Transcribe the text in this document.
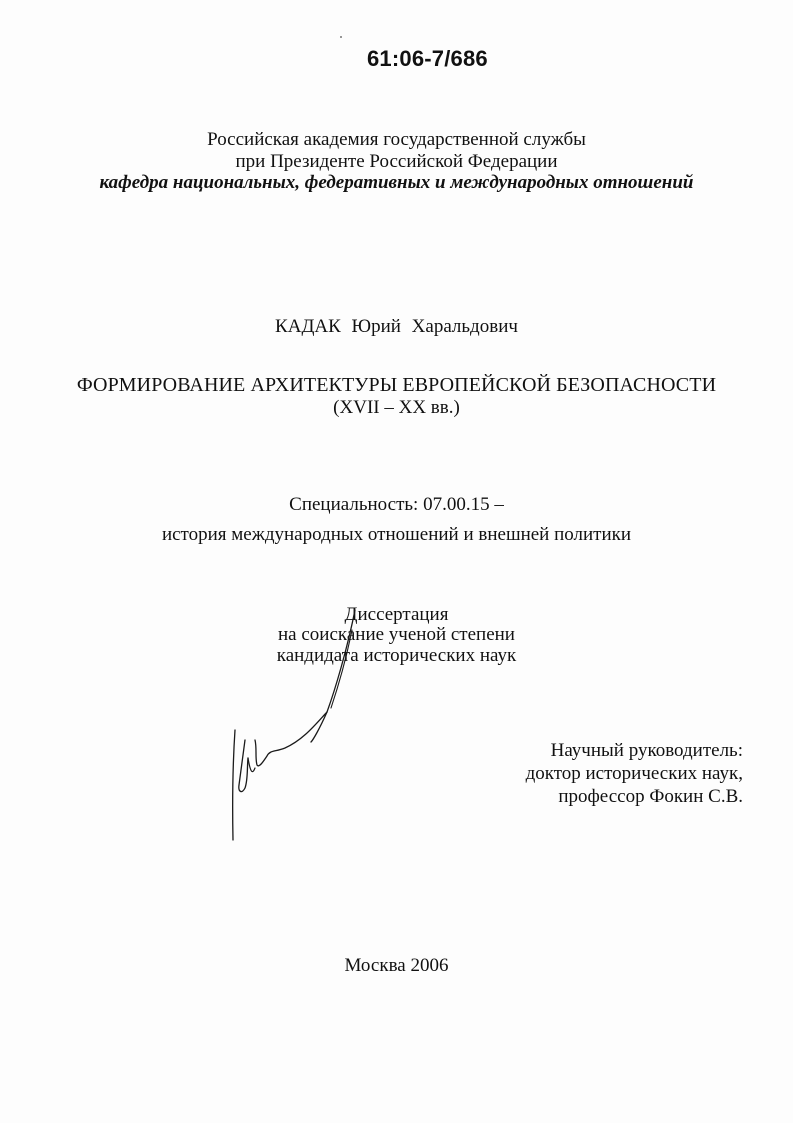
61:06-7/686
Российская академия государственной службы
при Президенте Российской Федерации
кафедра национальных, федеративных и международных отношений
КАДАК Юрий Харальдович
ФОРМИРОВАНИЕ АРХИТЕКТУРЫ ЕВРОПЕЙСКОЙ БЕЗОПАСНОСТИ
(XVII – XX вв.)
Специальность: 07.00.15 –
история международных отношений и внешней политики
Диссертация
на соискание ученой степени
кандидата исторических наук
Научный руководитель:
доктор исторических наук,
профессор Фокин С.В.
Москва 2006
